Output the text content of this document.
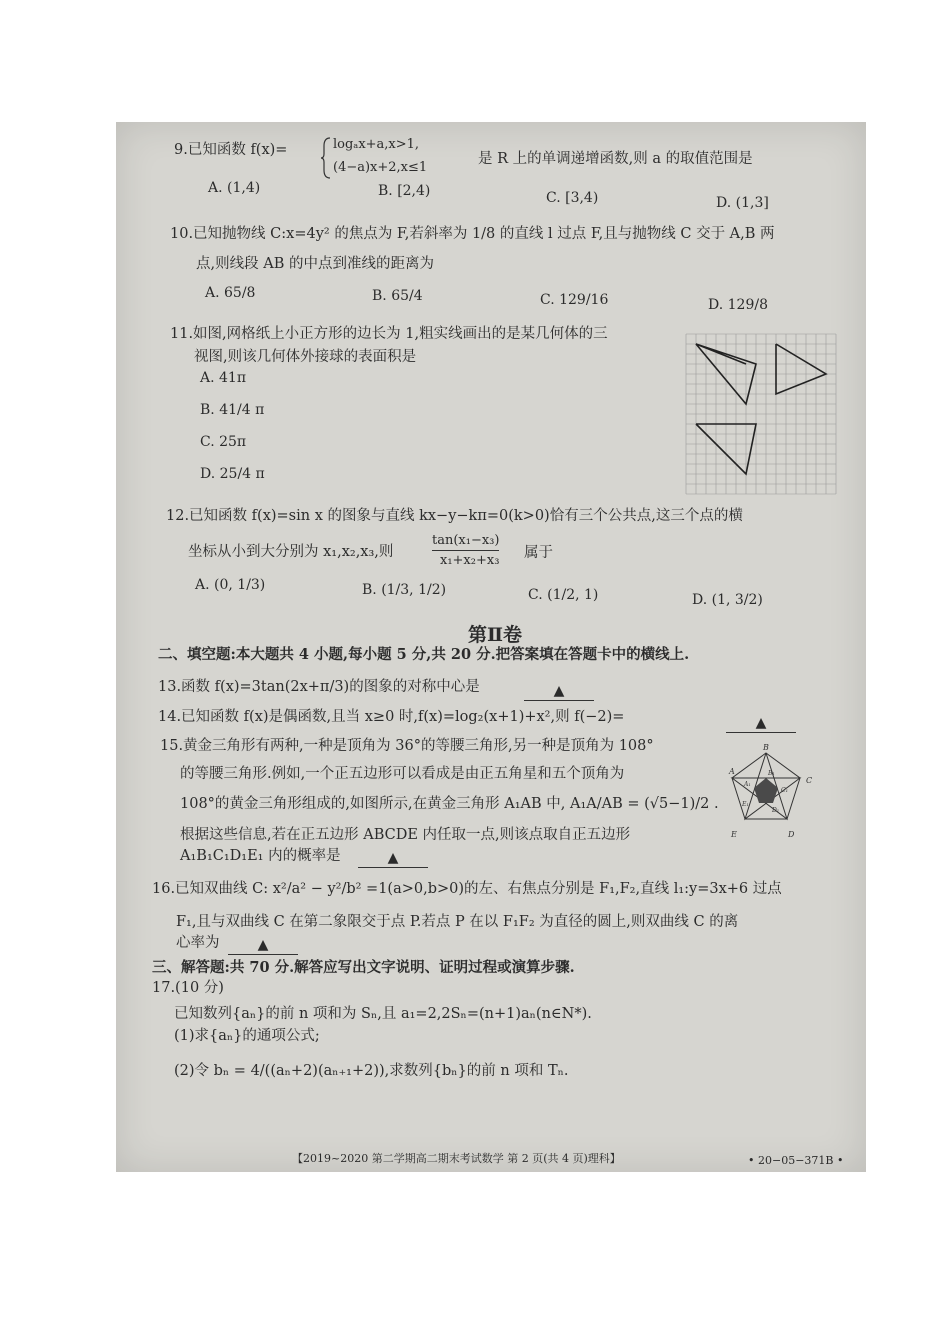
9.已知函数 f(x)=	logₐx+a,x>1,
(4−a)x+2,x≤1
是 R 上的单调递增函数,则 a 的取值范围是
A. (1,4)	B. [2,4)	C. [3,4)	D. (1,3]
10.已知抛物线 C:x=4y² 的焦点为 F,若斜率为 1/8 的直线 l 过点 F,且与抛物线 C 交于 A,B 两
点,则线段 AB 的中点到准线的距离为
A. 65/8	B. 65/4	C. 129/16	D. 129/8
11.如图,网格纸上小正方形的边长为 1,粗实线画出的是某几何体的三
视图,则该几何体外接球的表面积是
A. 41π
B. 41/4 π
C. 25π
D. 25/4 π
12.已知函数 f(x)=sin x 的图象与直线 kx−y−kπ=0(k>0)恰有三个公共点,这三个点的横
坐标从小到大分别为 x₁,x₂,x₃,则
tan(x₁−x₃)
x₁+x₂+x₃ 属于
A. (0, 1/3)	B. (1/3, 1/2)	C. (1/2, 1)	D. (1, 3/2)
第Ⅱ卷
二、填空题:本大题共 4 小题,每小题 5 分,共 20 分.把答案填在答题卡中的横线上.
13.函数 f(x)=3tan(2x+π/3)的图象的对称中心是	▲
14.已知函数 f(x)是偶函数,且当 x≥0 时,f(x)=log₂(x+1)+x²,则 f(−2)=	▲
15.黄金三角形有两种,一种是顶角为 36°的等腰三角形,另一种是顶角为 108°
的等腰三角形.例如,一个正五边形可以看成是由正五角星和五个顶角为
108°的黄金三角形组成的,如图所示,在黄金三角形 A₁AB 中, A₁A/AB = (√5−1)/2 .
根据这些信息,若在正五边形 ABCDE 内任取一点,则该点取自正五边形
A₁B₁C₁D₁E₁ 内的概率是	▲
B
A
C
E	D
A₁
B₁
C₁
D₁
E₁
16.已知双曲线 C: x²/a² − y²/b² =1(a>0,b>0)的左、右焦点分别是 F₁,F₂,直线 l₁:y=3x+6 过点
F₁,且与双曲线 C 在第二象限交于点 P.若点 P 在以 F₁F₂ 为直径的圆上,则双曲线 C 的离
心率为	▲
三、解答题:共 70 分.解答应写出文字说明、证明过程或演算步骤.
17.(10 分)
已知数列{aₙ}的前 n 项和为 Sₙ,且 a₁=2,2Sₙ=(n+1)aₙ(n∈N*).
(1)求{aₙ}的通项公式;
(2)令 bₙ = 4/((aₙ+2)(aₙ₊₁+2)),求数列{bₙ}的前 n 项和 Tₙ.
【2019~2020 第二学期高二期末考试数学 第 2 页(共 4 页)理科】	• 20−05−371B •
